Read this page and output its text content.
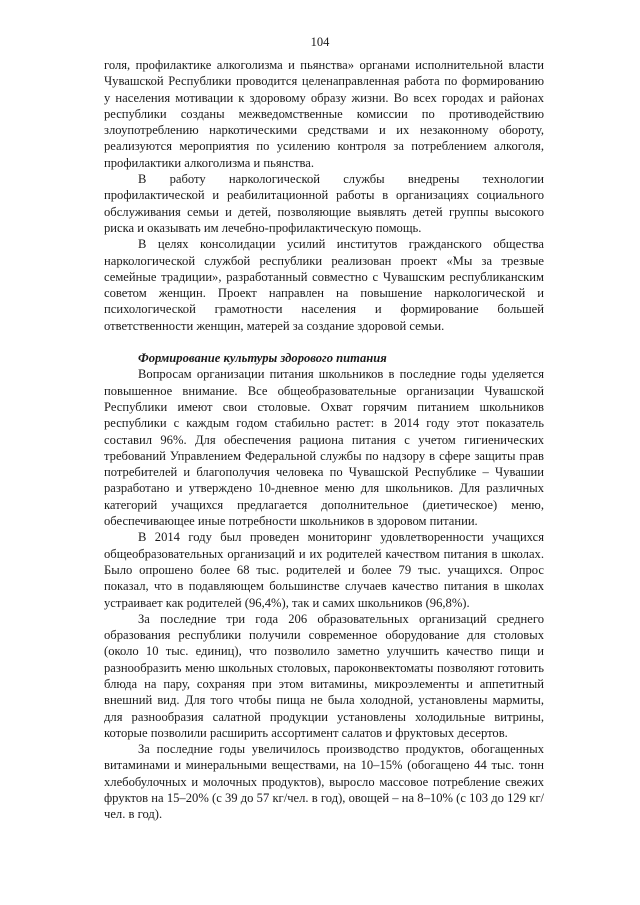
104

голя, профилактике алкоголизма и пьянства» органами исполнительной власти Чувашской Республики проводится целенаправленная работа по формированию у населения мотивации к здоровому образу жизни. Во всех городах и районах республики созданы межведомственные комиссии по противодействию злоупотреблению наркотическими средствами и их незаконному обороту, реализуются мероприятия по усилению контроля за потреблением алкоголя, профилактики алкоголизма и пьянства.

В работу наркологической службы внедрены технологии профилактической и реабилитационной работы в организациях социального обслуживания семьи и детей, позволяющие выявлять детей группы высокого риска и оказывать им лечебно-профилактическую помощь.

В целях консолидации усилий институтов гражданского общества наркологической службой республики реализован проект «Мы за трезвые семейные традиции», разработанный совместно с Чувашским республиканским советом женщин. Проект направлен на повышение наркологической и психологической грамотности населения и формирование большей ответственности женщин, матерей за создание здоровой семьи.

Формирование культуры здорового питания

Вопросам организации питания школьников в последние годы уделяется повышенное внимание. Все общеобразовательные организации Чувашской Республики имеют свои столовые. Охват горячим питанием школьников республики с каждым годом стабильно растет: в 2014 году этот показатель составил 96%. Для обеспечения рациона питания с учетом гигиенических требований Управлением Федеральной службы по надзору в сфере защиты прав потребителей и благополучия человека по Чувашской Республике – Чувашии разработано и утверждено 10-дневное меню для школьников. Для различных категорий учащихся предлагается дополнительное (диетическое) меню, обеспечивающее иные потребности школьников в здоровом питании.

В 2014 году был проведен мониторинг удовлетворенности учащихся общеобразовательных организаций и их родителей качеством питания в школах. Было опрошено более 68 тыс. родителей и более 79 тыс. учащихся. Опрос показал, что в подавляющем большинстве случаев качество питания в школах устраивает как родителей (96,4%), так и самих школьников (96,8%).

За последние три года 206 образовательных организаций среднего образования республики получили современное оборудование для столовых (около 10 тыс. единиц), что позволило заметно улучшить качество пищи и разнообразить меню школьных столовых, пароконвектоматы позволяют готовить блюда на пару, сохраняя при этом витамины, микроэлементы и аппетитный внешний вид. Для того чтобы пища не была холодной, установлены мармиты, для разнообразия салатной продукции установлены холодильные витрины, которые позволили расширить ассортимент салатов и фруктовых десертов.

За последние годы увеличилось производство продуктов, обогащенных витаминами и минеральными веществами, на 10–15% (обогащено 44 тыс. тонн хлебобулочных и молочных продуктов), выросло массовое потребление свежих фруктов на 15–20% (с 39 до 57 кг/чел. в год), овощей – на 8–10% (с 103 до 129 кг/чел. в год).
